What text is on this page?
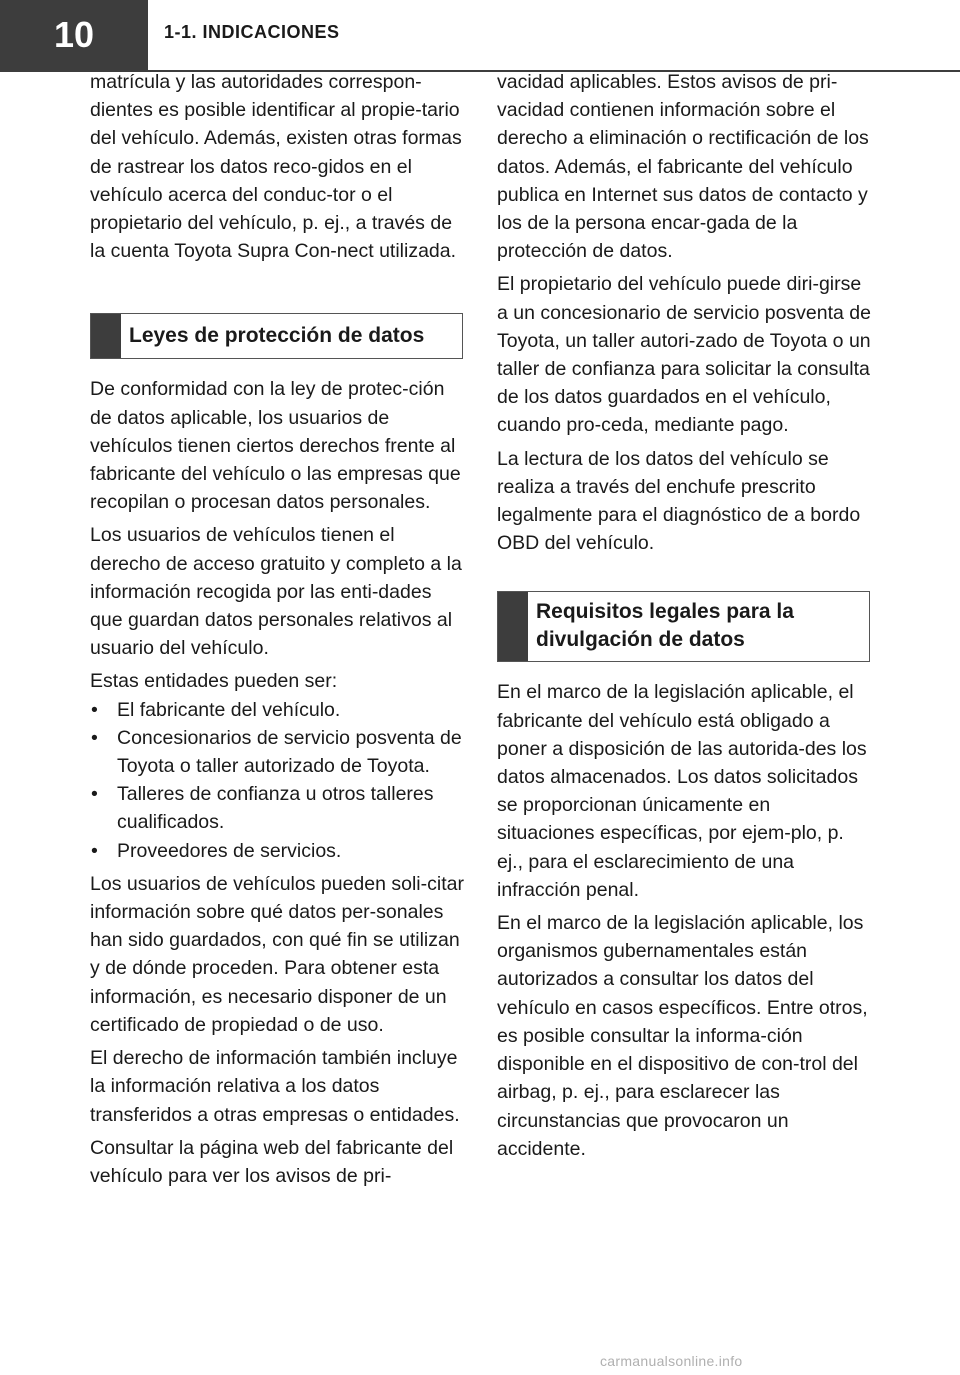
10	1-1. INDICACIONES

matrícula y las autoridades correspon-dientes es posible identificar al propie-tario del vehículo. Además, existen otras formas de rastrear los datos reco-gidos en el vehículo acerca del conduc-tor o el propietario del vehículo, p. ej., a través de la cuenta Toyota Supra Con-nect utilizada.

Leyes de protección de datos

De conformidad con la ley de protec-ción de datos aplicable, los usuarios de vehículos tienen ciertos derechos frente al fabricante del vehículo o las empresas que recopilan o procesan datos personales.

Los usuarios de vehículos tienen el derecho de acceso gratuito y completo a la información recogida por las enti-dades que guardan datos personales relativos al usuario del vehículo.

Estas entidades pueden ser:

• El fabricante del vehículo.
• Concesionarios de servicio posventa de Toyota o taller autorizado de Toyota.
• Talleres de confianza u otros talleres cualificados.
• Proveedores de servicios.

Los usuarios de vehículos pueden soli-citar información sobre qué datos per-sonales han sido guardados, con qué fin se utilizan y de dónde proceden. Para obtener esta información, es necesario disponer de un certificado de propiedad o de uso.

El derecho de información también incluye la información relativa a los datos transferidos a otras empresas o entidades.

Consultar la página web del fabricante del vehículo para ver los avisos de pri-

vacidad aplicables. Estos avisos de pri-vacidad contienen información sobre el derecho a eliminación o rectificación de los datos. Además, el fabricante del vehículo publica en Internet sus datos de contacto y los de la persona encar-gada de la protección de datos.

El propietario del vehículo puede diri-girse a un concesionario de servicio posventa de Toyota, un taller autori-zado de Toyota o un taller de confianza para solicitar la consulta de los datos guardados en el vehículo, cuando pro-ceda, mediante pago.

La lectura de los datos del vehículo se realiza a través del enchufe prescrito legalmente para el diagnóstico de a bordo OBD del vehículo.

Requisitos legales para la divulgación de datos

En el marco de la legislación aplicable, el fabricante del vehículo está obligado a poner a disposición de las autorida-des los datos almacenados. Los datos solicitados se proporcionan únicamente en situaciones específicas, por ejem-plo, p. ej., para el esclarecimiento de una infracción penal.

En el marco de la legislación aplicable, los organismos gubernamentales están autorizados a consultar los datos del vehículo en casos específicos. Entre otros, es posible consultar la informa-ción disponible en el dispositivo de con-trol del airbag, p. ej., para esclarecer las circunstancias que provocaron un accidente.

carmanualsonline.info
